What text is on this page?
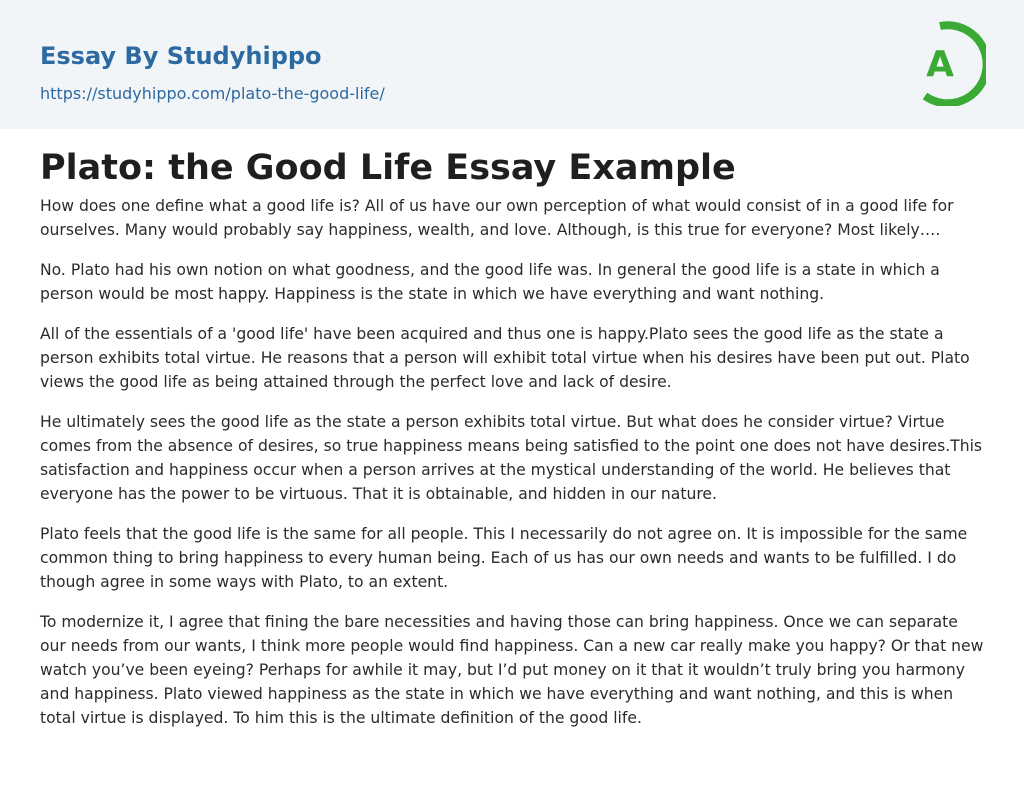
Essay By Studyhippo
https://studyhippo.com/plato-the-good-life/
A
Plato: the Good Life Essay Example

How does one define what a good life is? All of us have our own perception of what would consist of in a good life for ourselves. Many would probably say happiness, wealth, and love. Although, is this true for everyone? Most likely….

No. Plato had his own notion on what goodness, and the good life was. In general the good life is a state in which a person would be most happy. Happiness is the state in which we have everything and want nothing.

All of the essentials of a 'good life' have been acquired and thus one is happy.Plato sees the good life as the state a person exhibits total virtue. He reasons that a person will exhibit total virtue when his desires have been put out. Plato views the good life as being attained through the perfect love and lack of desire.

He ultimately sees the good life as the state a person exhibits total virtue. But what does he consider virtue? Virtue comes from the absence of desires, so true happiness means being satisfied to the point one does not have desires.This satisfaction and happiness occur when a person arrives at the mystical understanding of the world. He believes that everyone has the power to be virtuous. That it is obtainable, and hidden in our nature.

Plato feels that the good life is the same for all people. This I necessarily do not agree on. It is impossible for the same common thing to bring happiness to every human being. Each of us has our own needs and wants to be fulfilled. I do though agree in some ways with Plato, to an extent.

To modernize it, I agree that fining the bare necessities and having those can bring happiness. Once we can separate our needs from our wants, I think more people would find happiness. Can a new car really make you happy? Or that new watch you’ve been eyeing? Perhaps for awhile it may, but I’d put money on it that it wouldn’t truly bring you harmony and happiness. Plato viewed happiness as the state in which we have everything and want nothing, and this is when total virtue is displayed. To him this is the ultimate definition of the good life.
